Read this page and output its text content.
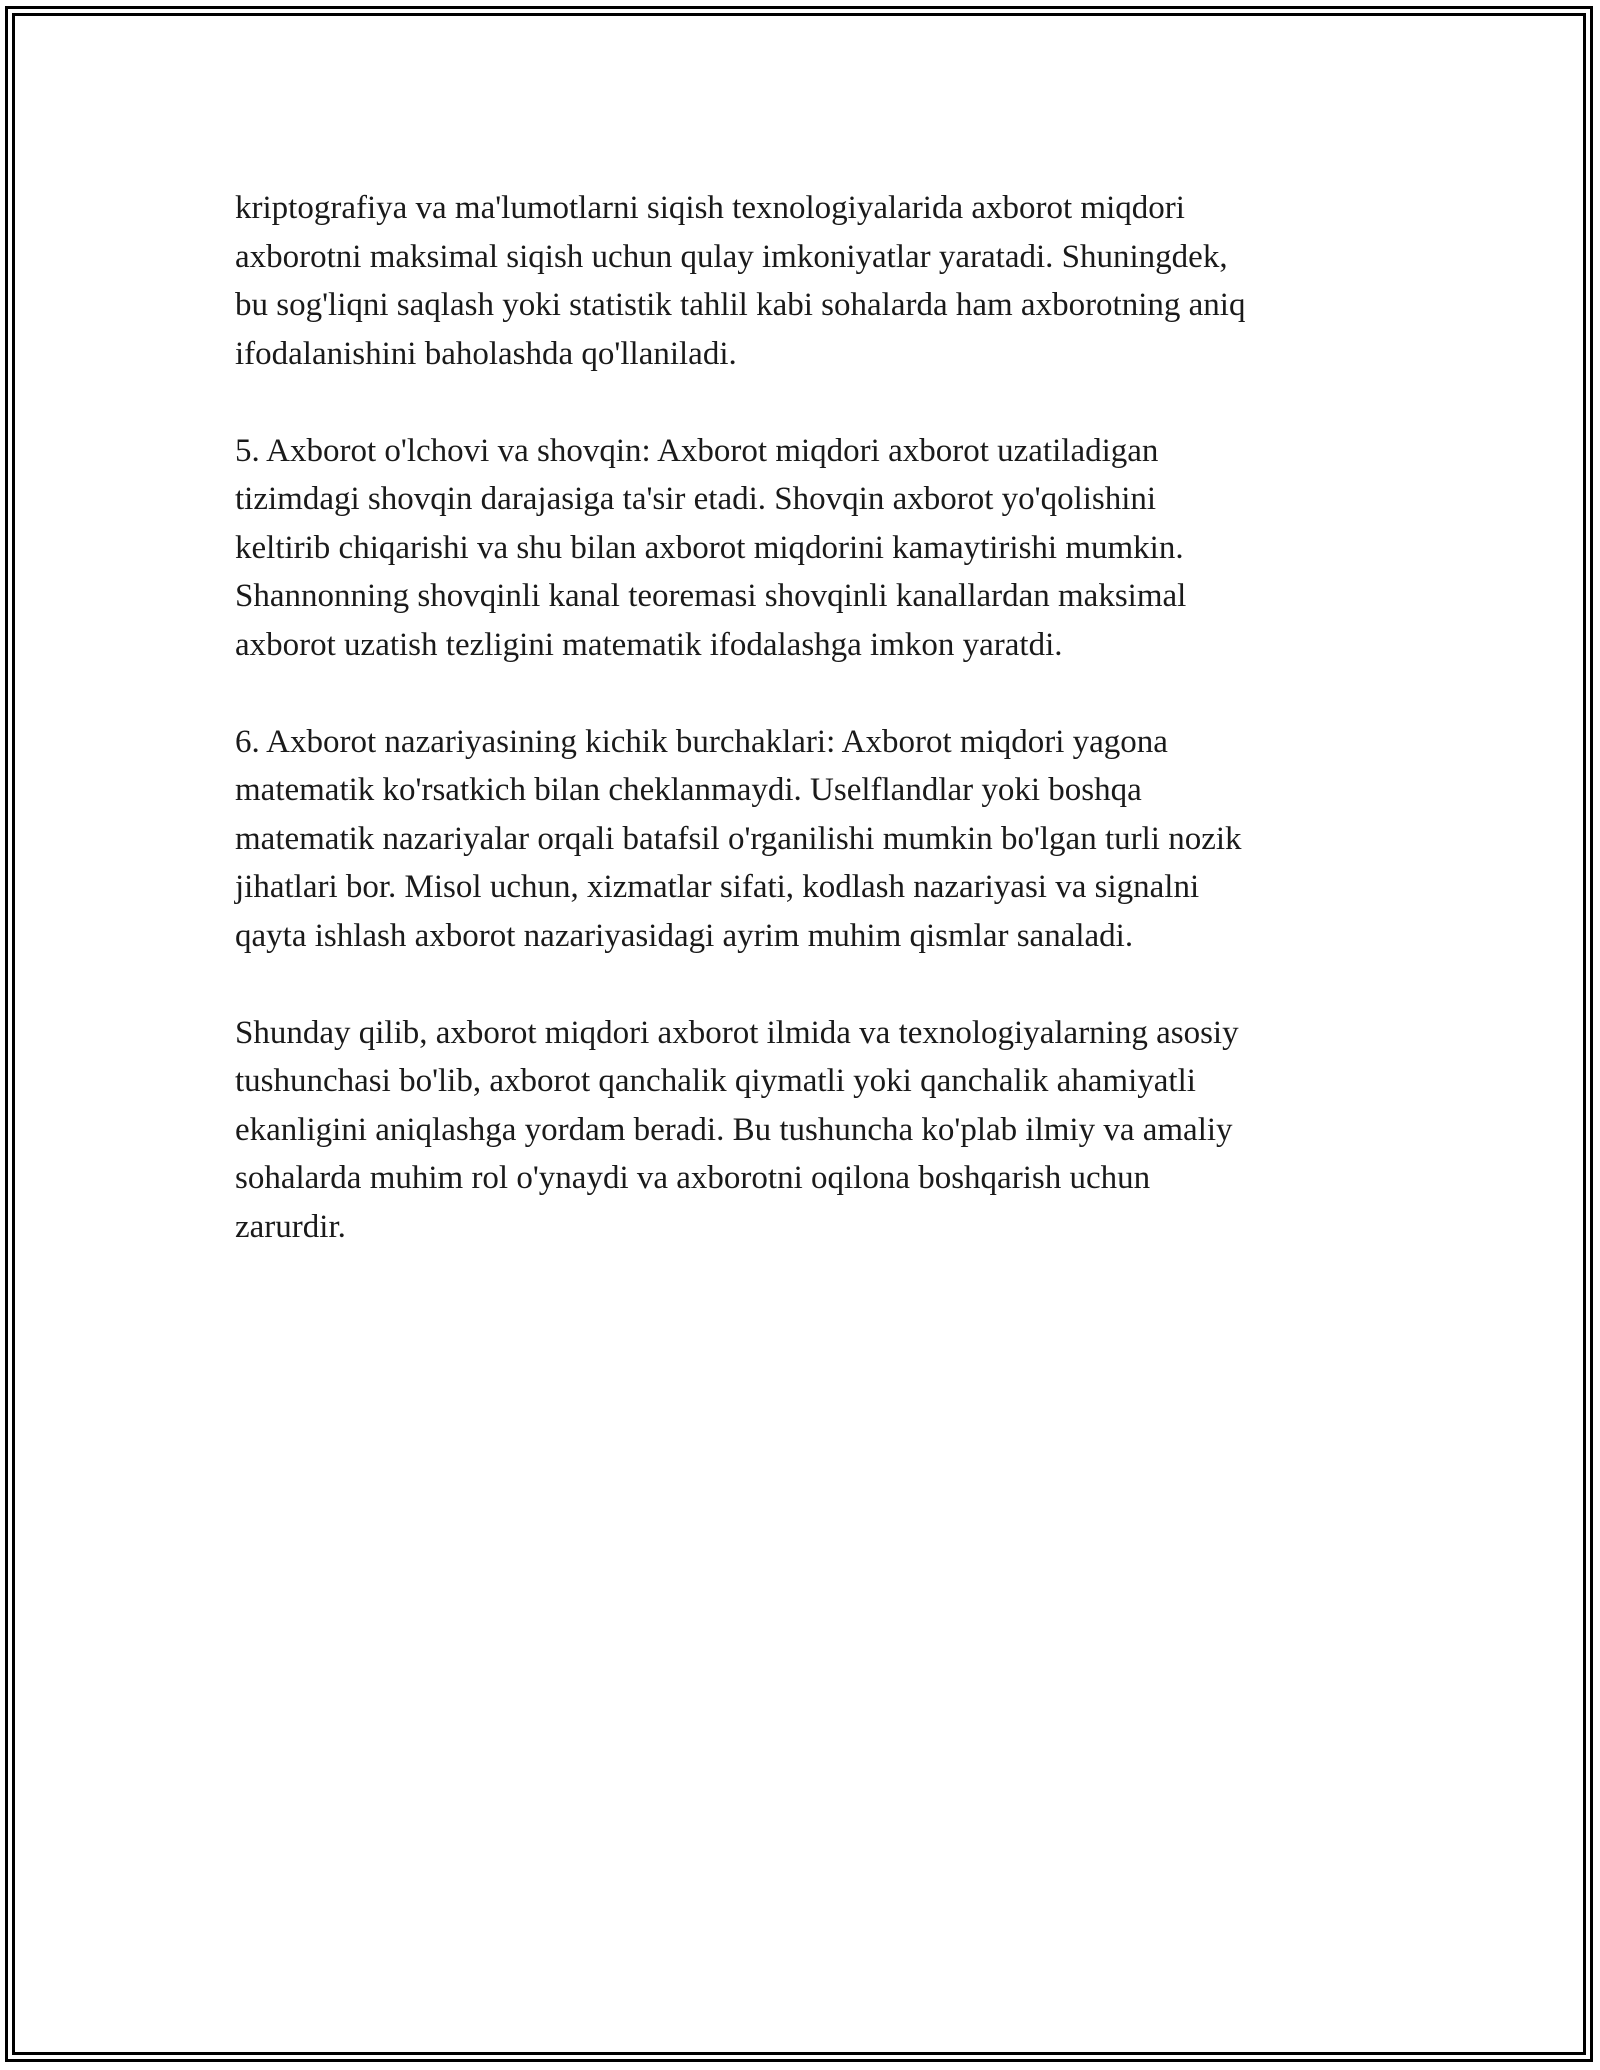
kriptografiya va ma'lumotlarni siqish texnologiyalarida axborot miqdori
axborotni maksimal siqish uchun qulay imkoniyatlar yaratadi. Shuningdek,
bu sog'liqni saqlash yoki statistik tahlil kabi sohalarda ham axborotning aniq
ifodalanishini baholashda qo'llaniladi.

5. Axborot o'lchovi va shovqin: Axborot miqdori axborot uzatiladigan
tizimdagi shovqin darajasiga ta'sir etadi. Shovqin axborot yo'qolishini
keltirib chiqarishi va shu bilan axborot miqdorini kamaytirishi mumkin.
Shannonning shovqinli kanal teoremasi shovqinli kanallardan maksimal
axborot uzatish tezligini matematik ifodalashga imkon yaratdi.

6. Axborot nazariyasining kichik burchaklari: Axborot miqdori yagona
matematik ko'rsatkich bilan cheklanmaydi. Uselflandlar yoki boshqa
matematik nazariyalar orqali batafsil o'rganilishi mumkin bo'lgan turli nozik
jihatlari bor. Misol uchun, xizmatlar sifati, kodlash nazariyasi va signalni
qayta ishlash axborot nazariyasidagi ayrim muhim qismlar sanaladi.

Shunday qilib, axborot miqdori axborot ilmida va texnologiyalarning asosiy
tushunchasi bo'lib, axborot qanchalik qiymatli yoki qanchalik ahamiyatli
ekanligini aniqlashga yordam beradi. Bu tushuncha ko'plab ilmiy va amaliy
sohalarda muhim rol o'ynaydi va axborotni oqilona boshqarish uchun
zarurdir.
